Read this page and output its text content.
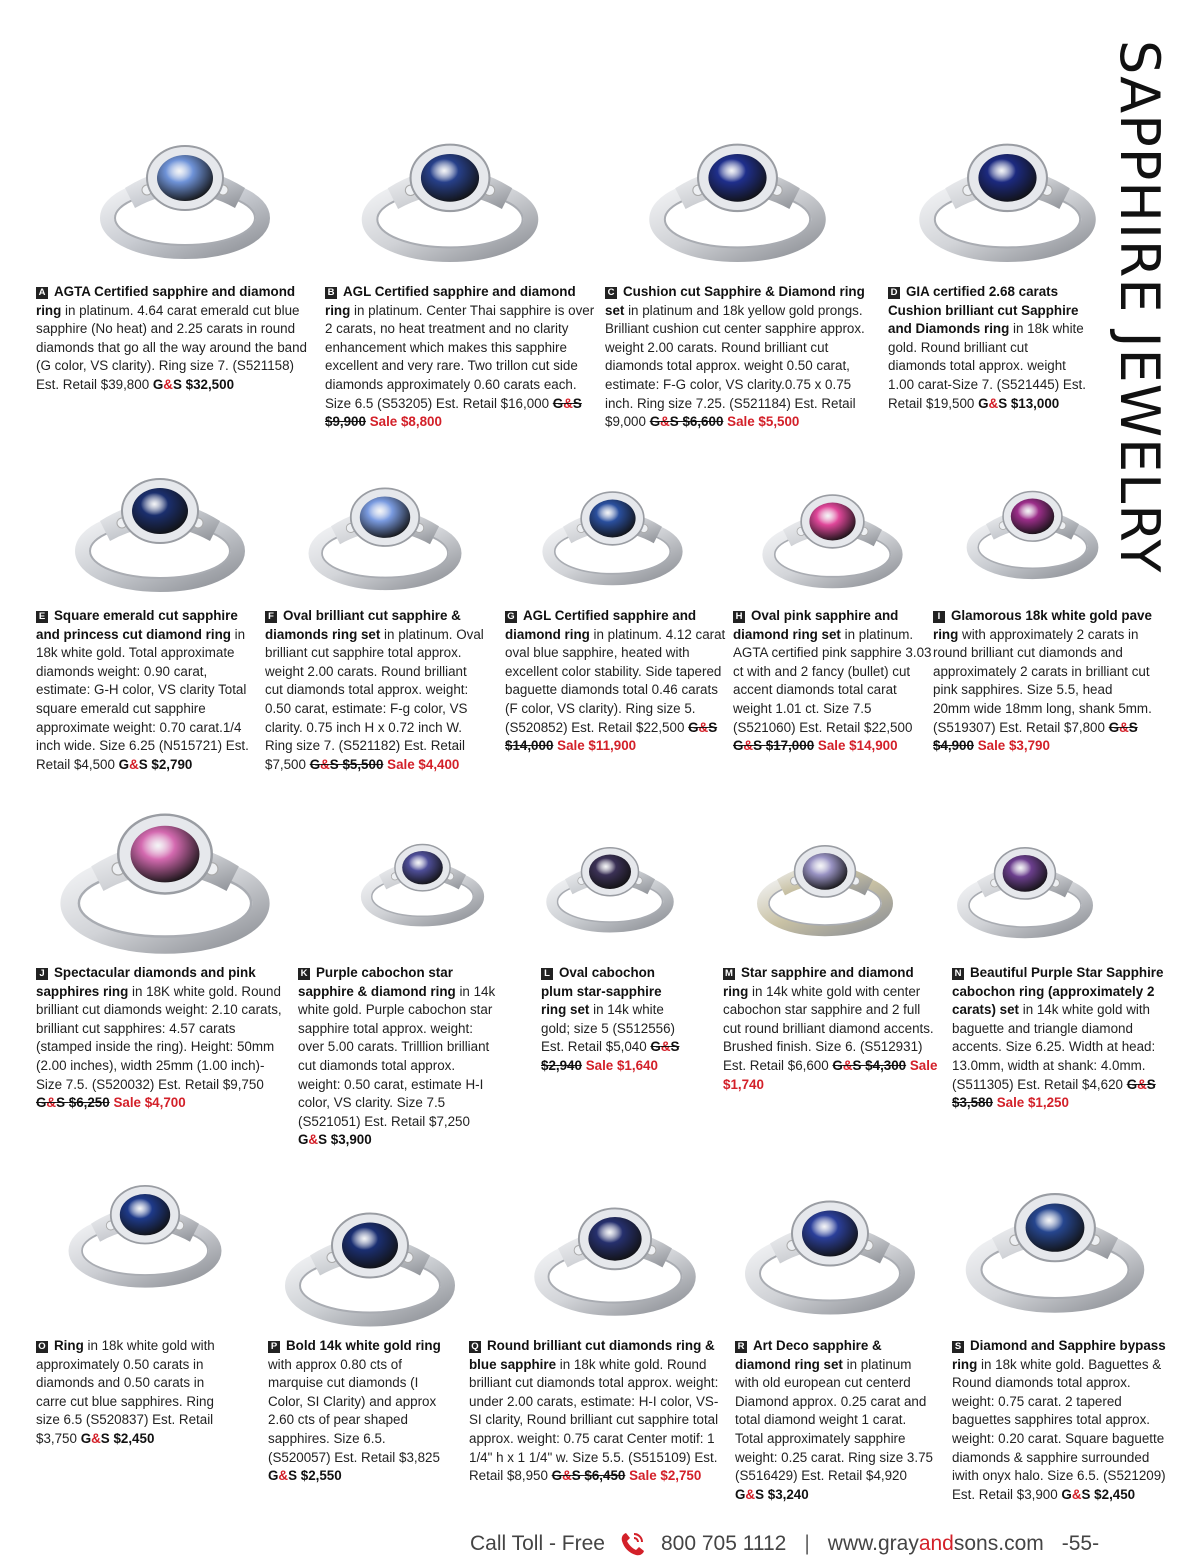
SAPPHIRE JEWELRY
A AGTA Certified sapphire and diamond ring in platinum. 4.64 carat emerald cut blue sapphire (No heat) and 2.25 carats in round diamonds that go all the way around the band (G color, VS clarity). Ring size 7. (S521158) Est. Retail $39,800 G&S $32,500
B AGL Certified sapphire and diamond ring in platinum. Center Thai sapphire is over 2 carats, no heat treatment and no clarity enhancement which makes this sapphire excellent and very rare. Two trillon cut side diamonds approximately 0.60 carats each. Size 6.5 (S53205) Est. Retail $16,000 G&S $9,900 Sale $8,800
C Cushion cut Sapphire & Diamond ring set in platinum and 18k yellow gold prongs. Brilliant cushion cut center sapphire approx. weight 2.00 carats. Round brilliant cut diamonds total approx. weight 0.50 carat, estimate: F-G color, VS clarity.0.75 x 0.75 inch. Ring size 7.25. (S521184) Est. Retail $9,000 G&S $6,600 Sale $5,500
D GIA certified 2.68 carats Cushion brilliant cut Sapphire and Diamonds ring in 18k white gold. Round brilliant cut diamonds total approx. weight 1.00 carat-Size 7. (S521445) Est. Retail $19,500 G&S $13,000
E Square emerald cut sapphire and princess cut diamond ring in 18k white gold. Total approximate diamonds weight: 0.90 carat, estimate: G-H color, VS clarity Total square emerald cut sapphire approximate weight: 0.70 carat.1/4 inch wide. Size 6.25 (N515721) Est. Retail $4,500 G&S $2,790
F Oval brilliant cut sapphire & diamonds ring set in platinum. Oval brilliant cut sapphire total approx. weight 2.00 carats. Round brilliant cut diamonds total approx. weight: 0.50 carat, estimate: F-g color, VS clarity. 0.75 inch H x 0.72 inch W. Ring size 7. (S521182) Est. Retail $7,500 G&S $5,500 Sale $4,400
G AGL Certified sapphire and diamond ring in platinum. 4.12 carat oval blue sapphire, heated with excellent color stability. Side tapered baguette diamonds total 0.46 carats (F color, VS clarity). Ring size 5. (S520852) Est. Retail $22,500 G&S $14,000 Sale $11,900
H Oval pink sapphire and diamond ring set in platinum. AGTA certified pink sapphire 3.03 ct with and 2 fancy (bullet) cut accent diamonds total carat weight 1.01 ct. Size 7.5 (S521060) Est. Retail $22,500 G&S $17,000 Sale $14,900
I Glamorous 18k white gold pave ring with approximately 2 carats in round brilliant cut diamonds and approximately 2 carats in brilliant cut pink sapphires. Size 5.5, head 20mm wide 18mm long, shank 5mm. (S519307) Est. Retail $7,800 G&S $4,900 Sale $3,790
J Spectacular diamonds and pink sapphires ring in 18K white gold. Round brilliant cut diamonds weight: 2.10 carats, brilliant cut sapphires: 4.57 carats (stamped inside the ring). Height: 50mm (2.00 inches), width 25mm (1.00 inch)- Size 7.5. (S520032) Est. Retail $9,750 G&S $6,250 Sale $4,700
K Purple cabochon star sapphire & diamond ring in 14k white gold. Purple cabochon star sapphire total approx. weight: over 5.00 carats. Trilllion brilliant cut diamonds total approx. weight: 0.50 carat, estimate H-I color, VS clarity. Size 7.5 (S521051) Est. Retail $7,250 G&S $3,900
L Oval cabochon plum star-sapphire ring set in 14k white gold; size 5 (S512556) Est. Retail $5,040 G&S $2,940 Sale $1,640
M Star sapphire and diamond ring in 14k white gold with center cabochon star sapphire and 2 full cut round brilliant diamond accents. Brushed finish. Size 6. (S512931) Est. Retail $6,600 G&S $4,300 Sale $1,740
N Beautiful Purple Star Sapphire cabochon ring (approximately 2 carats) set in 14k white gold with baguette and triangle diamond accents. Size 6.25. Width at head: 13.0mm, width at shank: 4.0mm. (S511305) Est. Retail $4,620 G&S $3,580 Sale $1,250
O Ring in 18k white gold with approximately 0.50 carats in diamonds and 0.50 carats in carre cut blue sapphires. Ring size 6.5 (S520837) Est. Retail $3,750 G&S $2,450
P Bold 14k white gold ring with approx 0.80 cts of marquise cut diamonds (I Color, SI Clarity) and approx 2.60 cts of pear shaped sapphires. Size 6.5. (S520057) Est. Retail $3,825 G&S $2,550
Q Round brilliant cut diamonds ring & blue sapphire in 18k white gold. Round brilliant cut diamonds total approx. weight: under 2.00 carats, estimate: H-I color, VS-SI clarity, Round brilliant cut sapphire total approx. weight: 0.75 carat Center motif: 1 1/4" h x 1 1/4" w. Size 5.5. (S515109) Est. Retail $8,950 G&S $6,450 Sale $2,750
R Art Deco sapphire & diamond ring set in platinum with old european cut centerd Diamond approx. 0.25 carat and total diamond weight 1 carat. Total approximately sapphire weight: 0.25 carat. Ring size 3.75 (S516429) Est. Retail $4,920 G&S $3,240
S Diamond and Sapphire bypass ring in 18k white gold. Baguettes & Round diamonds total approx. weight: 0.75 carat. 2 tapered baguettes sapphires total approx. weight: 0.20 carat. Square baguette diamonds & sapphire surrounded iwith onyx halo. Size 6.5. (S521209) Est. Retail $3,900 G&S $2,450
Call Toll - Free	800 705 1112 | www.grayandsons.com -55-
